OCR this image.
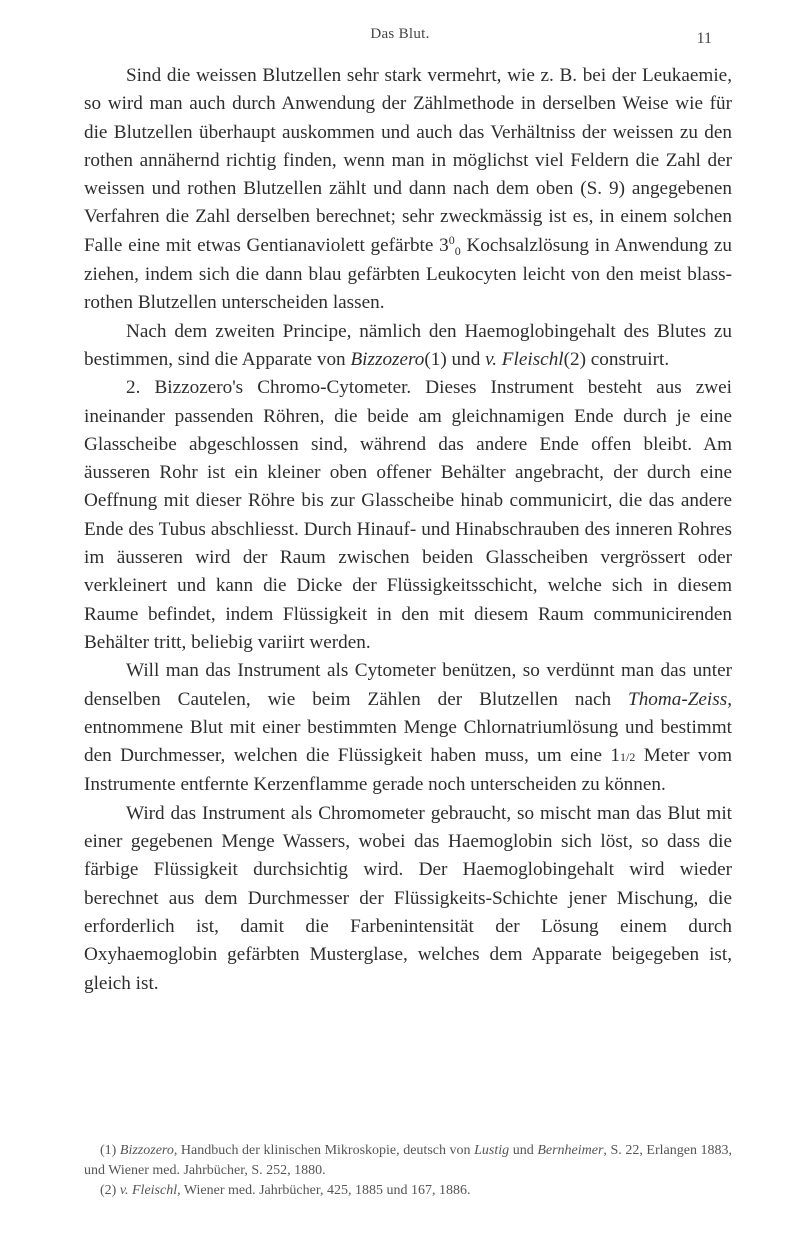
Das Blut.	11

Sind die weissen Blutzellen sehr stark vermehrt, wie z. B. bei der Leukaemie, so wird man auch durch Anwendung der Zählmethode in derselben Weise wie für die Blutzellen überhaupt auskommen und auch das Verhältniss der weissen zu den rothen annähernd richtig finden, wenn man in möglichst viel Feldern die Zahl der weissen und rothen Blutzellen zählt und dann nach dem oben (S. 9) angegebenen Verfahren die Zahl derselben berechnet; sehr zweckmässig ist es, in einem solchen Falle eine mit etwas Gentianaviolett gefärbte $3^0_0$ Kochsalzlösung in Anwendung zu ziehen, indem sich die dann blau gefärbten Leukocyten leicht von den meist blass-rothen Blutzellen unterscheiden lassen.

Nach dem zweiten Principe, nämlich den Haemoglobingehalt des Blutes zu bestimmen, sind die Apparate von Bizzozero(1) und v. Fleischl(2) construirt.

2. Bizzozero's Chromo-Cytometer. Dieses Instrument besteht aus zwei ineinander passenden Röhren, die beide am gleichnamigen Ende durch je eine Glasscheibe abgeschlossen sind, während das andere Ende offen bleibt. Am äusseren Rohr ist ein kleiner oben offener Behälter angebracht, der durch eine Oeffnung mit dieser Röhre bis zur Glasscheibe hinab communicirt, die das andere Ende des Tubus abschliesst. Durch Hinauf- und Hinabschrauben des inneren Rohres im äusseren wird der Raum zwischen beiden Glasscheiben vergrössert oder verkleinert und kann die Dicke der Flüssigkeitsschicht, welche sich in diesem Raume befindet, indem Flüssigkeit in den mit diesem Raum communicirenden Behälter tritt, beliebig variirt werden.

Will man das Instrument als Cytometer benützen, so verdünnt man das unter denselben Cautelen, wie beim Zählen der Blutzellen nach Thoma-Zeiss, entnommene Blut mit einer bestimmten Menge Chlornatriumlösung und bestimmt den Durchmesser, welchen die Flüssigkeit haben muss, um eine 11/2 Meter vom Instrumente entfernte Kerzenflamme gerade noch unterscheiden zu können.

Wird das Instrument als Chromometer gebraucht, so mischt man das Blut mit einer gegebenen Menge Wassers, wobei das Haemoglobin sich löst, so dass die färbige Flüssigkeit durchsichtig wird. Der Haemoglobingehalt wird wieder berechnet aus dem Durchmesser der Flüssigkeits-Schichte jener Mischung, die erforderlich ist, damit die Farbenintensität der Lösung einem durch Oxyhaemoglobin gefärbten Musterglase, welches dem Apparate beigegeben ist, gleich ist.

(1) Bizzozero, Handbuch der klinischen Mikroskopie, deutsch von Lustig und Bernheimer, S. 22, Erlangen 1883, und Wiener med. Jahrbücher, S. 252, 1880.

(2) v. Fleischl, Wiener med. Jahrbücher, 425, 1885 und 167, 1886.
